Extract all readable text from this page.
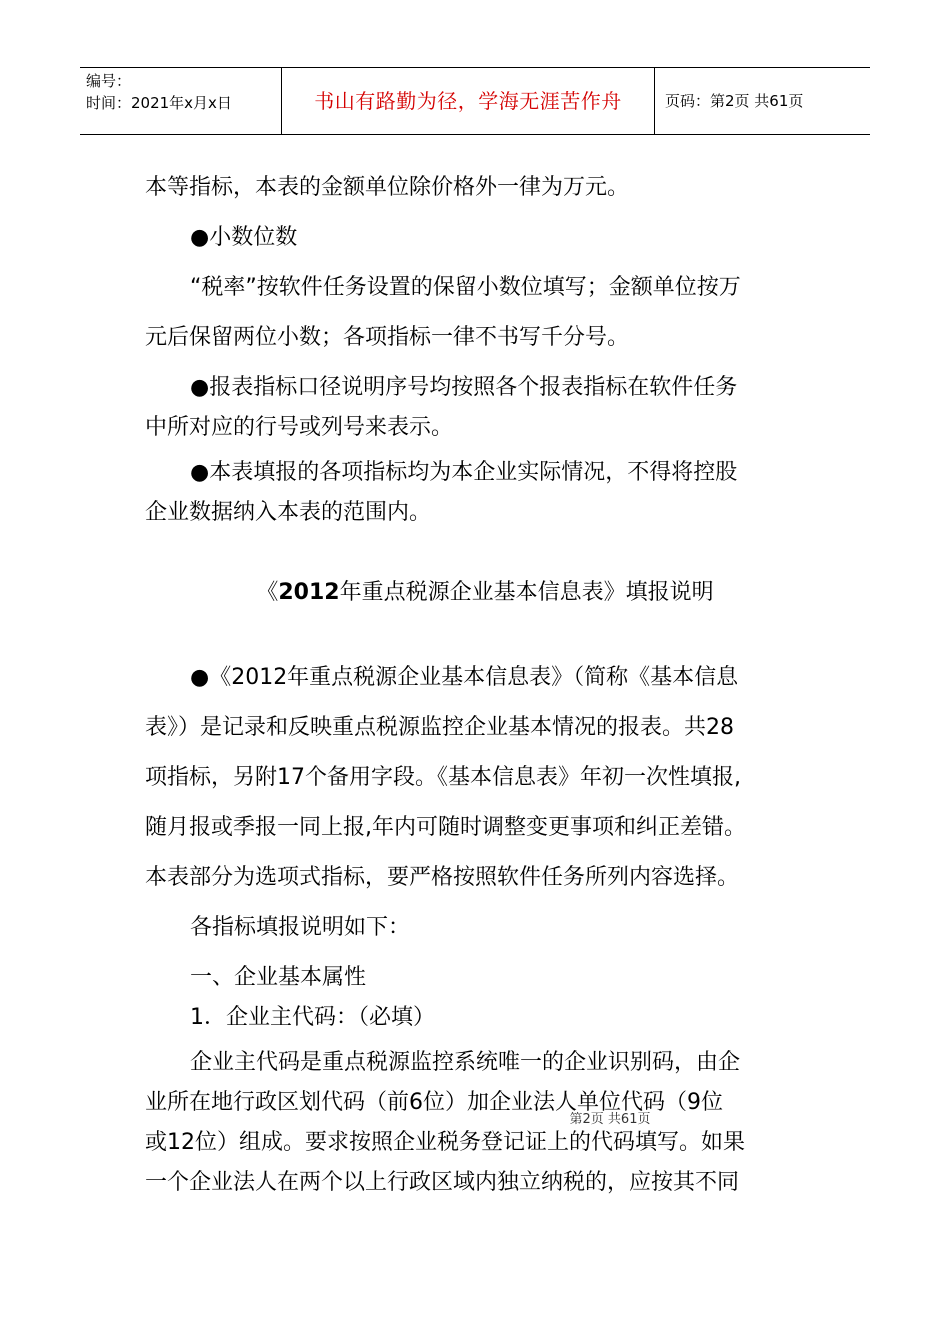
编号：
时间：2021年x月x日	书山有路勤为径，学海无涯苦作舟	页码：第2页 共61页

本等指标，本表的金额单位除价格外一律为万元。

●小数位数

“税率”按软件任务设置的保留小数位填写；金额单位按万

元后保留两位小数；各项指标一律不书写千分号。

●报表指标口径说明序号均按照各个报表指标在软件任务

中所对应的行号或列号来表示。

●本表填报的各项指标均为本企业实际情况，不得将控股

企业数据纳入本表的范围内。

《2012年重点税源企业基本信息表》填报说明

●《2012年重点税源企业基本信息表》（简称《基本信息

表》）是记录和反映重点税源监控企业基本情况的报表。共28

项指标，另附17个备用字段。《基本信息表》年初一次性填报,

随月报或季报一同上报,年内可随时调整变更事项和纠正差错。

本表部分为选项式指标，要严格按照软件任务所列内容选择。

各指标填报说明如下：

一、企业基本属性

1．企业主代码：（必填）

企业主代码是重点税源监控系统唯一的企业识别码，由企

业所在地行政区划代码（前6位）加企业法人单位代码（9位

或12位）组成。要求按照企业税务登记证上的代码填写。如果

一个企业法人在两个以上行政区域内独立纳税的，应按其不同

第2页 共61页
